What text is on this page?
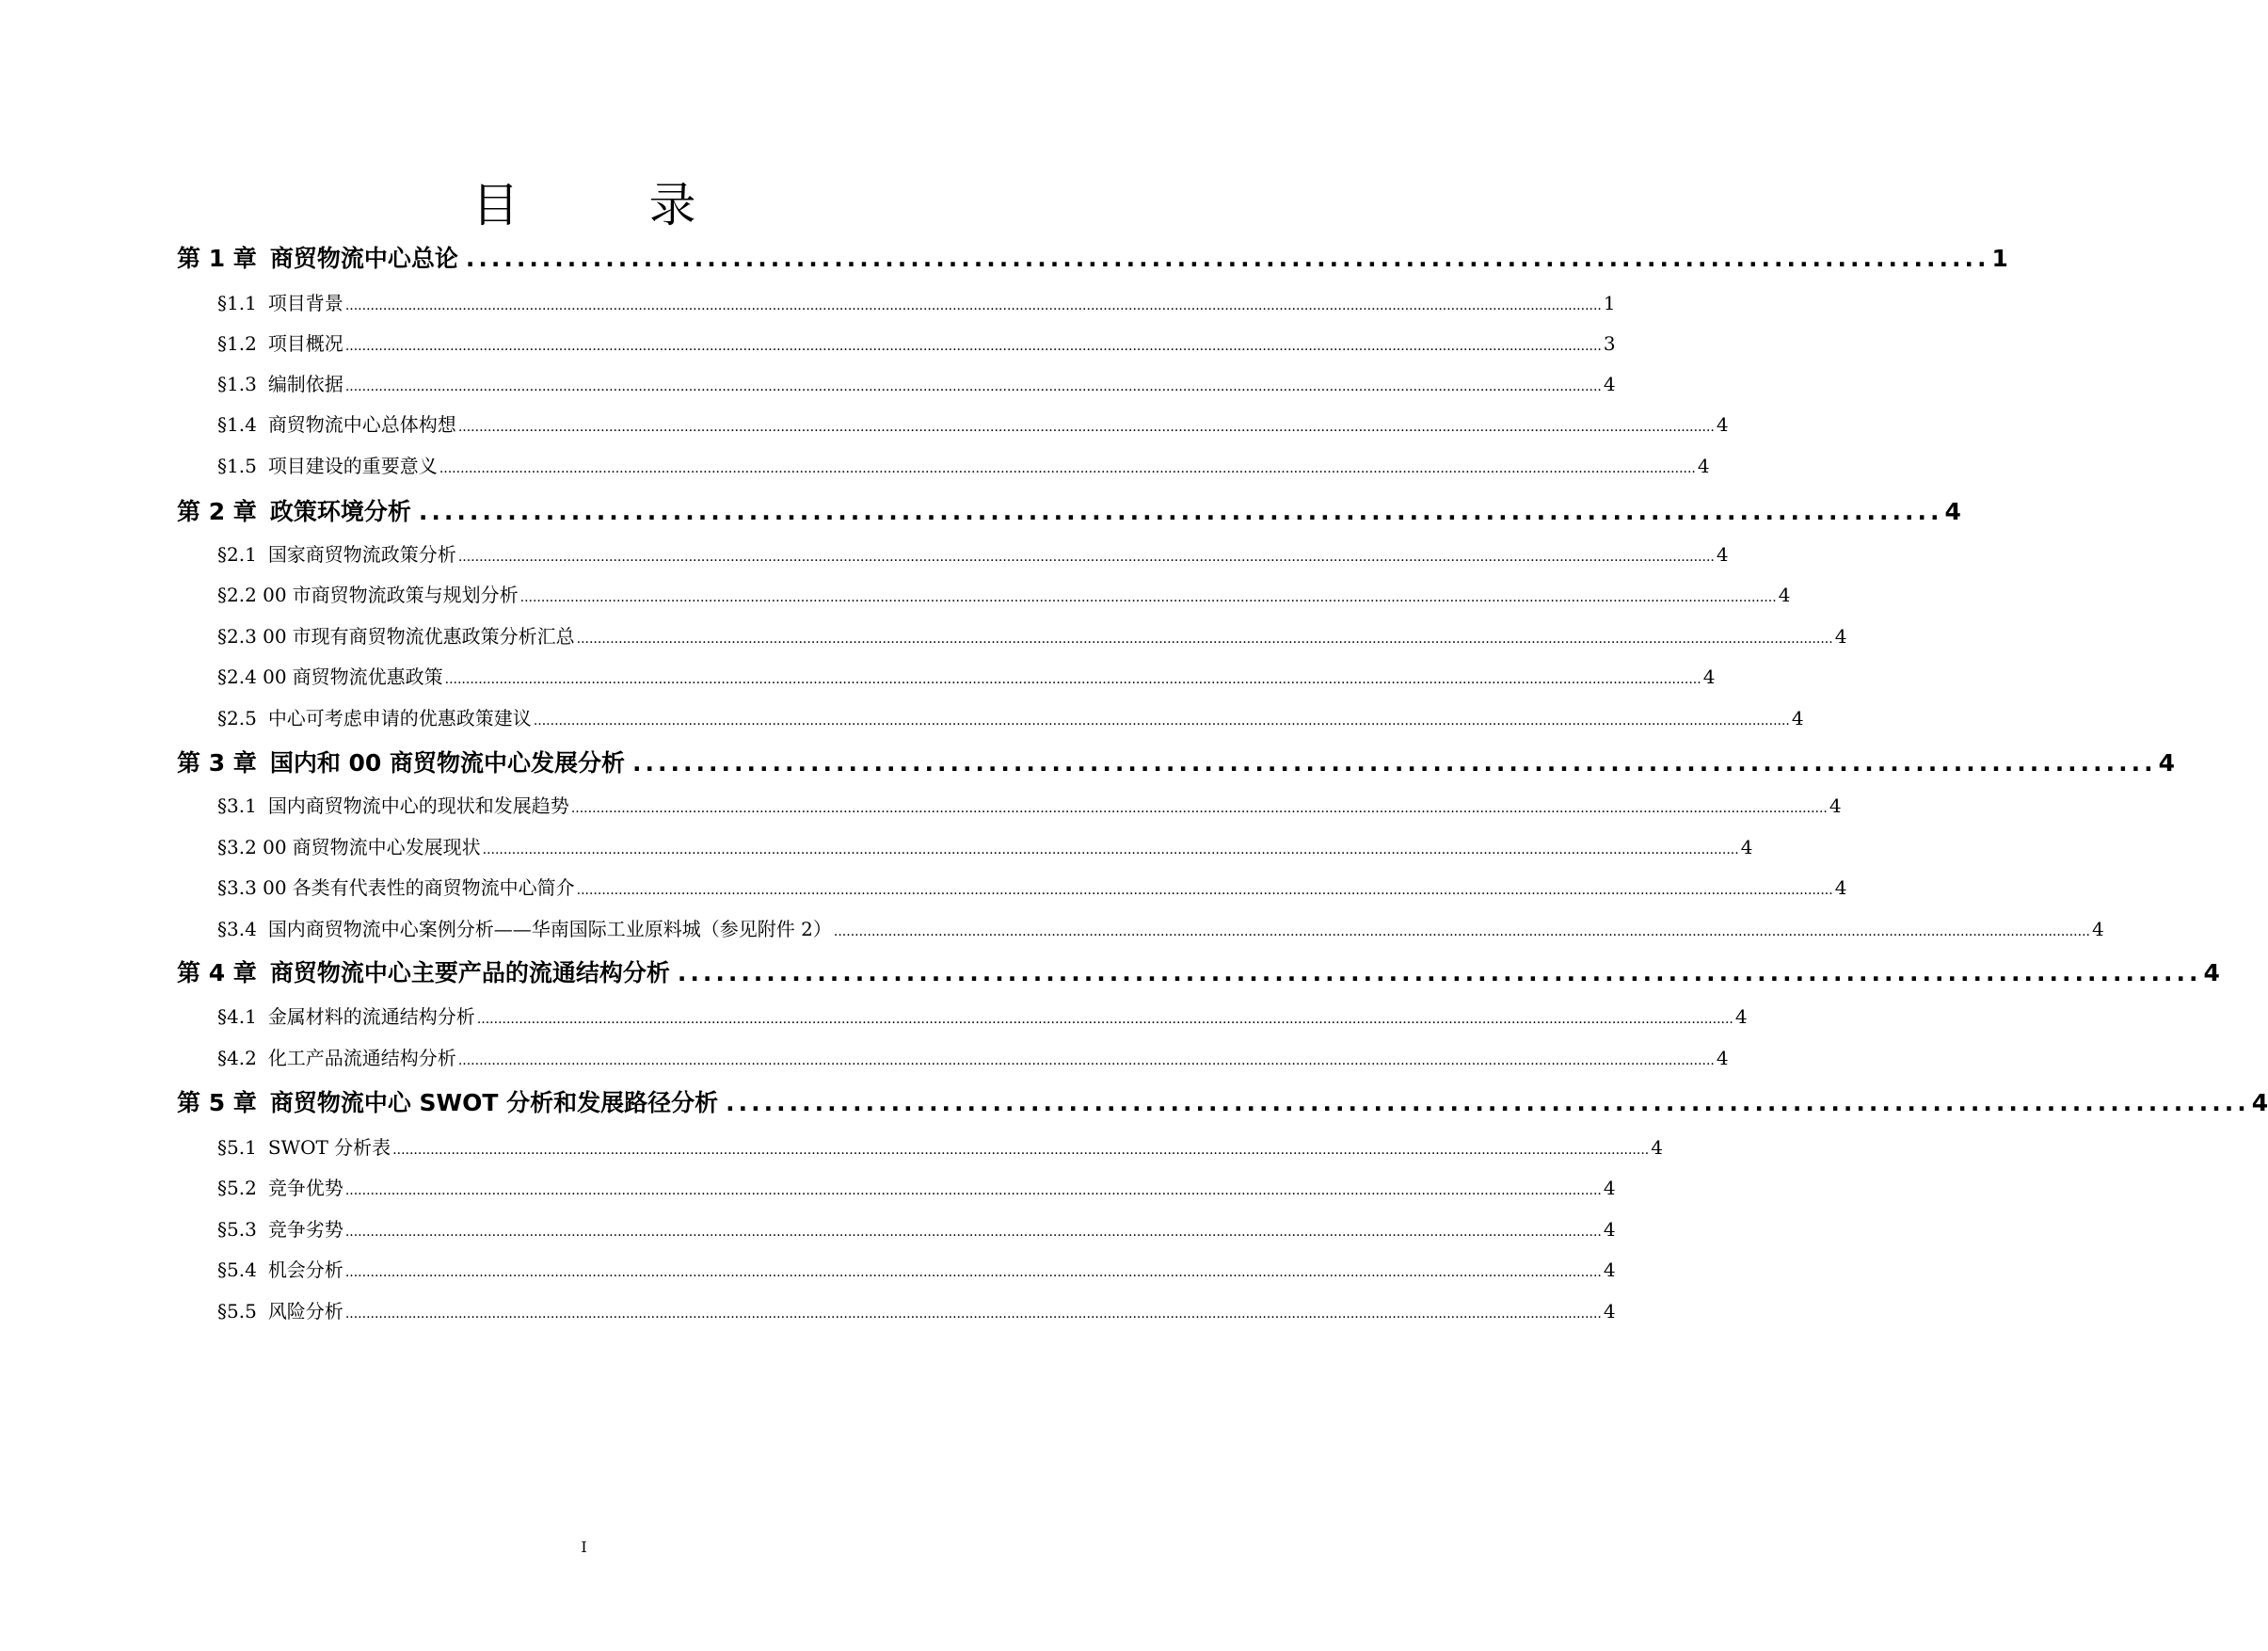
目　录
第 1 章 商贸物流中心总论 ........................................................................................................................ 1
§1.1 项目背景 ............................................................................................................................................................................................................................................................................................................ 1
§1.2 项目概况 ............................................................................................................................................................................................................................................................................................................ 3
§1.3 编制依据 ............................................................................................................................................................................................................................................................................................................ 4
§1.4 商贸物流中心总体构想 ............................................................................................................................................................................................................................................................................................................ 4
§1.5 项目建设的重要意义 ............................................................................................................................................................................................................................................................................................................ 4
第 2 章 政策环境分析 ........................................................................................................................ 4
§2.1 国家商贸物流政策分析 ............................................................................................................................................................................................................................................................................................................ 4
§2.2 00 市商贸物流政策与规划分析 ............................................................................................................................................................................................................................................................................................................ 4
§2.3 00 市现有商贸物流优惠政策分析汇总 ............................................................................................................................................................................................................................................................................................................ 4
§2.4 00 商贸物流优惠政策 ............................................................................................................................................................................................................................................................................................................ 4
§2.5 中心可考虑申请的优惠政策建议 ............................................................................................................................................................................................................................................................................................................ 4
第 3 章 国内和 00 商贸物流中心发展分析 ........................................................................................................................ 4
§3.1 国内商贸物流中心的现状和发展趋势 ............................................................................................................................................................................................................................................................................................................ 4
§3.2 00 商贸物流中心发展现状 ............................................................................................................................................................................................................................................................................................................ 4
§3.3 00 各类有代表性的商贸物流中心简介 ............................................................................................................................................................................................................................................................................................................ 4
§3.4 国内商贸物流中心案例分析——华南国际工业原料城（参见附件 2） ............................................................................................................................................................................................................................................................................................................ 4
第 4 章 商贸物流中心主要产品的流通结构分析 ........................................................................................................................ 4
§4.1 金属材料的流通结构分析 ............................................................................................................................................................................................................................................................................................................ 4
§4.2 化工产品流通结构分析 ............................................................................................................................................................................................................................................................................................................ 4
第 5 章 商贸物流中心 SWOT 分析和发展路径分析 ........................................................................................................................ 4
§5.1 SWOT 分析表 ............................................................................................................................................................................................................................................................................................................ 4
§5.2 竞争优势 ............................................................................................................................................................................................................................................................................................................ 4
§5.3 竞争劣势 ............................................................................................................................................................................................................................................................................................................ 4
§5.4 机会分析 ............................................................................................................................................................................................................................................................................................................ 4
§5.5 风险分析 ............................................................................................................................................................................................................................................................................................................ 4
I
